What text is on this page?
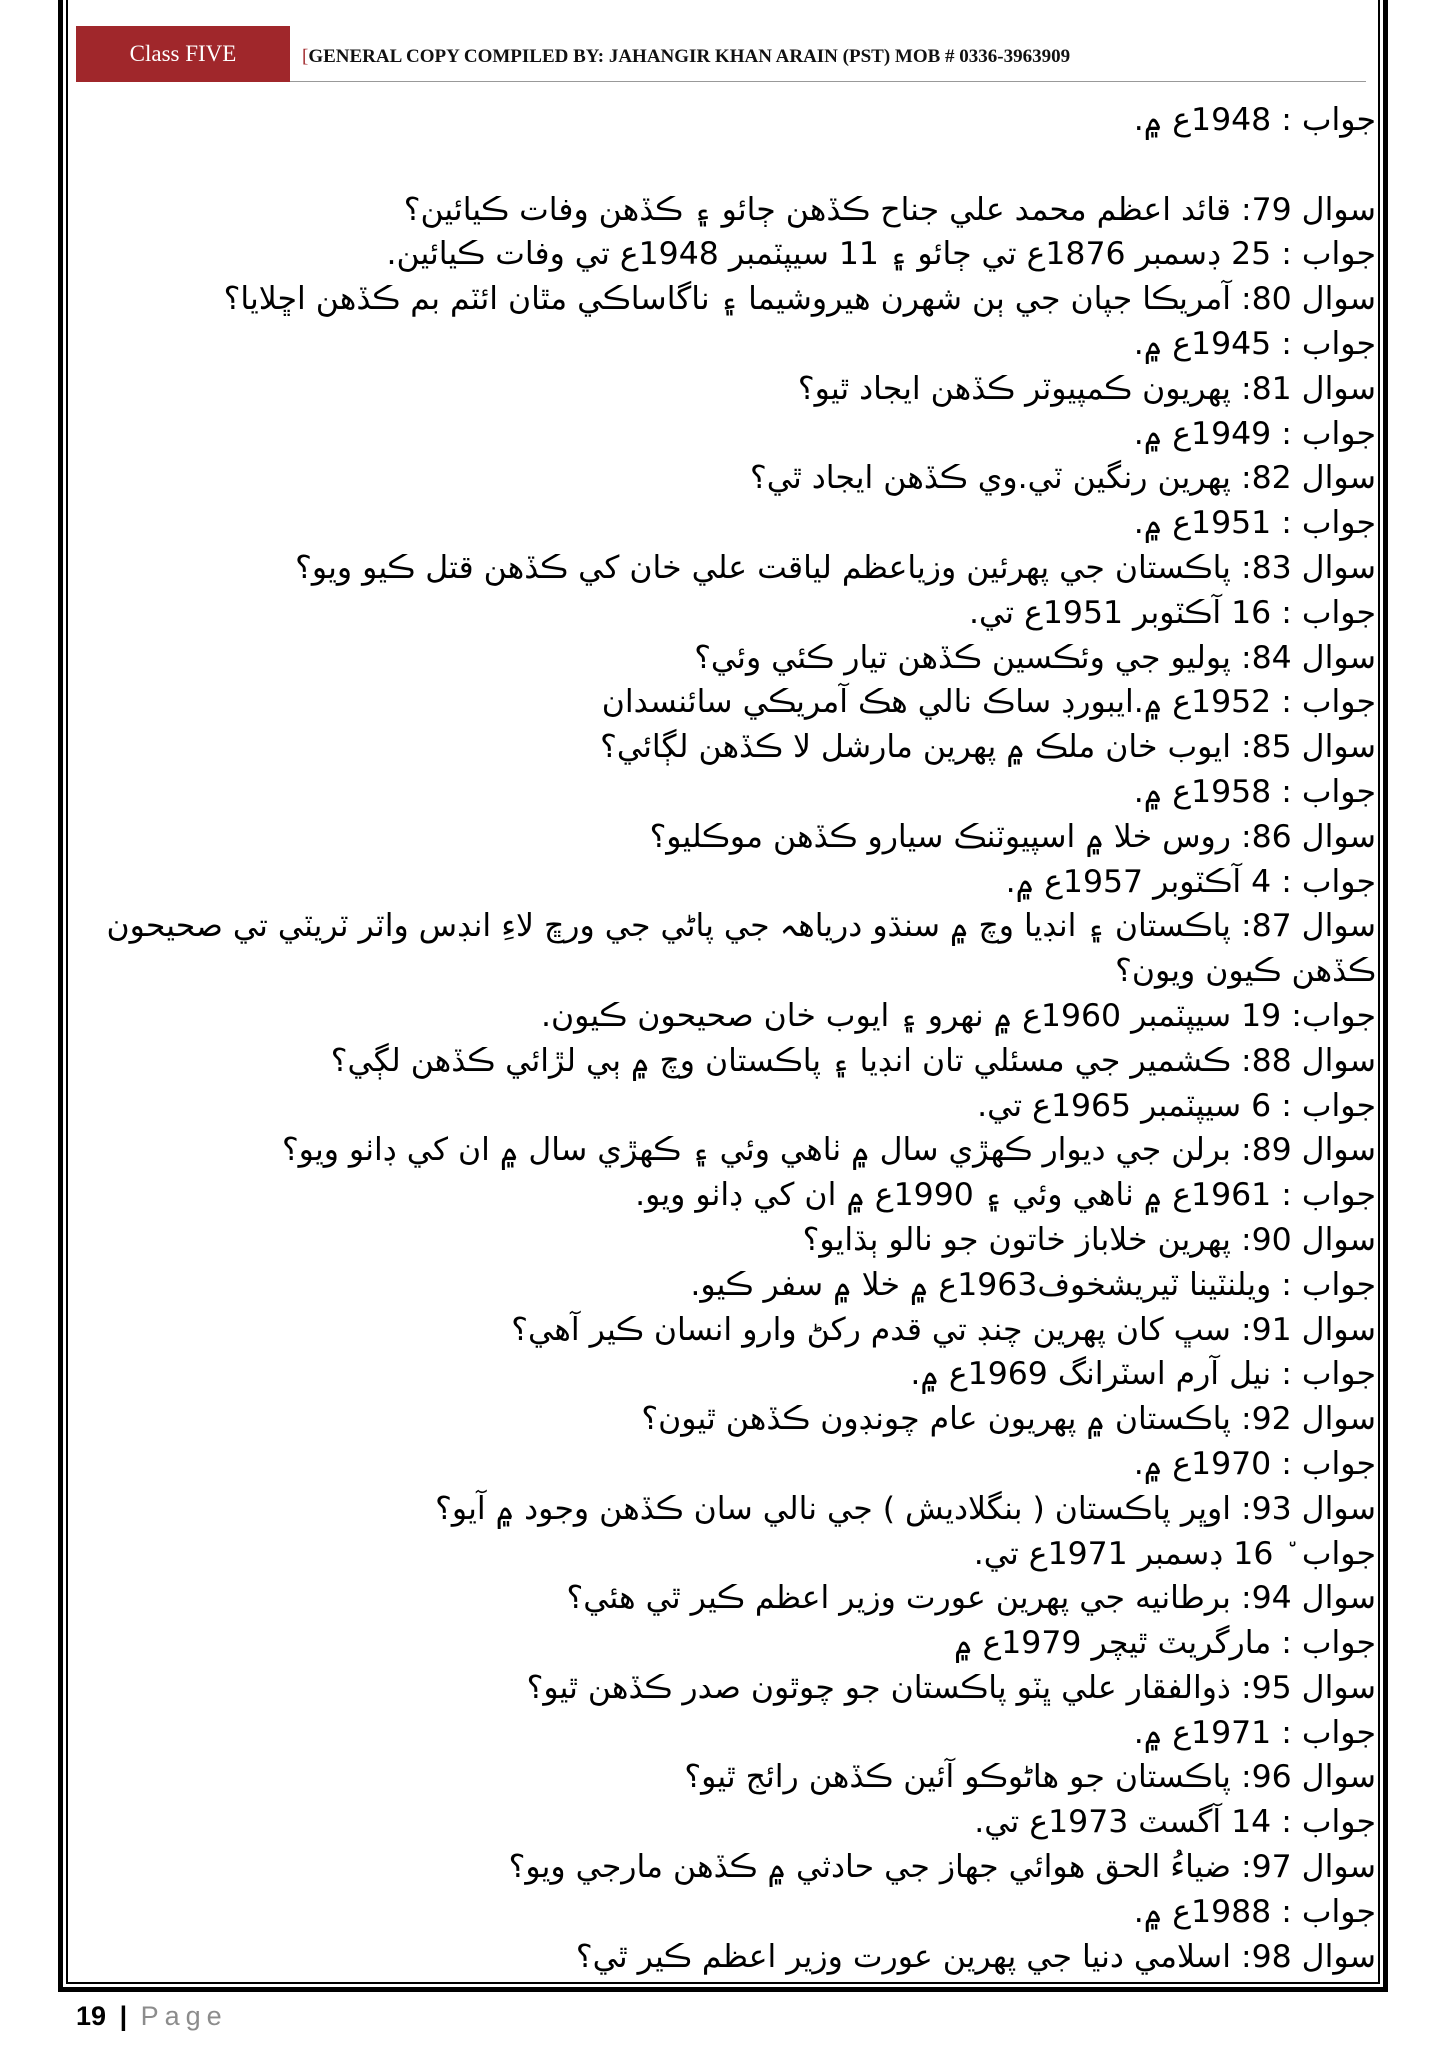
Class FIVE	[GENERAL COPY COMPILED BY: JAHANGIR KHAN ARAIN (PST) MOB # 0336-3963909
جواب : 1948ع ۾.
سوال 79: قائد اعظم محمد علي جناح ڪڏهن ڄائو ۽ ڪڏهن وفات ڪيائين؟
جواب : 25 ڊسمبر 1876ع تي ڄائو ۽ 11 سيپٽمبر 1948ع تي وفات ڪيائين.
سوال 80: آمريڪا جپان جي ٻن شهرن هيروشيما ۽ ناگاساڪي مٿان ائٽم بم ڪڏهن اڇلايا؟
جواب : 1945ع ۾.
سوال 81: پهريون ڪمپيوٽر ڪڏهن ايجاد ٿيو؟
جواب : 1949ع ۾.
سوال 82: پهرين رنگين ٽي.وي ڪڏهن ايجاد ٿي؟
جواب : 1951ع ۾.
سوال 83: پاڪستان جي پهرئين وزياعظم لياقت علي خان کي ڪڏهن قتل ڪيو ويو؟
جواب : 16 آڪٽوبر 1951ع تي.
سوال 84: پوليو جي وئڪسين ڪڏهن تيار ڪئي وئي؟
جواب : 1952ع ۾.ايبورڊ ساڪ نالي هڪ آمريڪي سائنسدان
سوال 85: ايوب خان ملڪ ۾ پهرين مارشل لا ڪڏهن لڳائي؟
جواب : 1958ع ۾.
سوال 86: روس خلا ۾ اسپيوٽنڪ سيارو ڪڏهن موڪليو؟
جواب : 4 آڪٽوبر 1957ع ۾.
سوال 87: پاڪستان ۽ انڊيا وچ ۾ سنڌو درياهہ جي پاڻي جي ورڇ لاءِ انڊس واٽر ٽريٽي تي صحيحون
ڪڏهن ڪيون ويون؟
جواب: 19 سيپٽمبر 1960ع ۾ نهرو ۽ ايوب خان صحيحون ڪيون.
سوال 88: ڪشمير جي مسئلي تان انڊيا ۽ پاڪستان وچ ۾ ٻي لڙائي ڪڏهن لڳي؟
جواب : 6 سيپٽمبر 1965ع تي.
سوال 89: برلن جي ديوار ڪهڙي سال ۾ ٺاهي وئي ۽ ڪهڙي سال ۾ ان کي ڊاٺو ويو؟
جواب : 1961ع ۾ ٺاهي وئي ۽ 1990ع ۾ ان کي ڊاٺو ويو.
سوال 90: پهرين خلاباز خاتون جو نالو ٻڌايو؟
جواب : ويلنٽينا ٽيريشخوف1963ع ۾ خلا ۾ سفر ڪيو.
سوال 91: سڀ کان پهرين چنڊ تي قدم رکڻ وارو انسان ڪير آهي؟
جواب : نيل آرم اسٽرانگ 1969ع ۾.
سوال 92: پاڪستان ۾ پهريون عام چونڊون ڪڏهن ٿيون؟
جواب : 1970ع ۾.
سوال 93: اوڀر پاڪستان ( بنگلاديش ) جي نالي سان ڪڏهن وجود ۾ آيو؟
جواب ٘ 16 ڊسمبر 1971ع تي.
سوال 94: برطانيه جي پهرين عورت وزير اعظم ڪير ٿي هئي؟
جواب : مارگريٽ ٿيچر 1979ع ۾
سوال 95: ذوالفقار علي ڀٽو پاڪستان جو چوٿون صدر ڪڏهن ٿيو؟
جواب : 1971ع ۾.
سوال 96: پاڪستان جو هاڻوڪو آئين ڪڏهن رائج ٿيو؟
جواب : 14 آگسٽ 1973ع تي.
سوال 97: ضياءُ الحق هوائي جهاز جي حادثي ۾ ڪڏهن مارجي ويو؟
جواب : 1988ع ۾.
سوال 98: اسلامي دنيا جي پهرين عورت وزير اعظم ڪير ٿي؟
19 | Page
